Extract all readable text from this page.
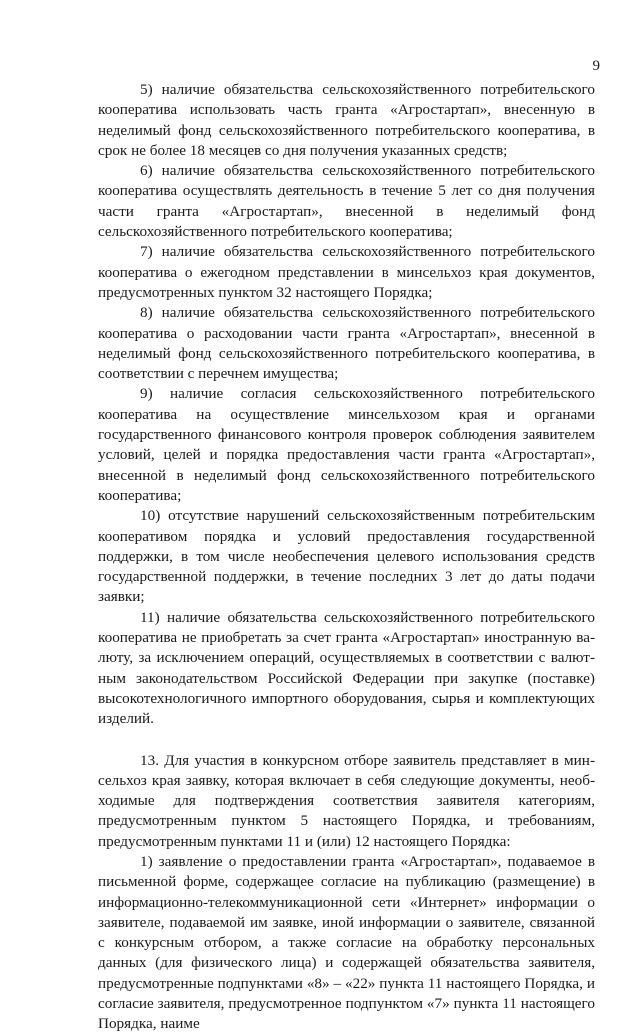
9

5) наличие обязательства сельскохозяйственного потребительского кооператива использовать часть гранта «Агростартап», внесенную в неделимый фонд сельскохозяйственного потребительского кооператива, в срок не более 18 месяцев со дня получения указанных средств;

6) наличие обязательства сельскохозяйственного потребительского кооператива осуществлять деятельность в течение 5 лет со дня получения части гранта «Агростартап», внесенной в неделимый фонд сельскохозяйственного потребительского кооператива;

7) наличие обязательства сельскохозяйственного потребительского кооператива о ежегодном представлении в минсельхоз края документов, предусмотренных пунктом 32 настоящего Порядка;

8) наличие обязательства сельскохозяйственного потребительского кооператива о расходовании части гранта «Агростартап», внесенной в неделимый фонд сельскохозяйственного потребительского кооператива, в соответствии с перечнем имущества;

9) наличие согласия сельскохозяйственного потребительского кооператива на осуществление минсельхозом края и органами государственного финансового контроля проверок соблюдения заявителем условий, целей и порядка предоставления части гранта «Агростартап», внесенной в неделимый фонд сельскохозяйственного потребительского кооператива;

10) отсутствие нарушений сельскохозяйственным потребительским кооперативом порядка и условий предоставления государственной поддержки, в том числе необеспечения целевого использования средств государственной поддержки, в течение последних 3 лет до даты подачи заявки;

11) наличие обязательства сельскохозяйственного потребительского кооператива не приобретать за счет гранта «Агростартап» иностранную валюту, за исключением операций, осуществляемых в соответствии с валютным законодательством Российской Федерации при закупке (поставке) высокотехнологичного импортного оборудования, сырья и комплектующих изделий.

13. Для участия в конкурсном отборе заявитель представляет в минсельхоз края заявку, которая включает в себя следующие документы, необходимые для подтверждения соответствия заявителя категориям, предусмотренным пунктом 5 настоящего Порядка, и требованиям, предусмотренным пунктами 11 и (или) 12 настоящего Порядка:

1) заявление о предоставлении гранта «Агростартап», подаваемое в письменной форме, содержащее согласие на публикацию (размещение) в информационно-телекоммуникационной сети «Интернет» информации о заявителе, подаваемой им заявке, иной информации о заявителе, связанной с конкурсным отбором, а также согласие на обработку персональных данных (для физического лица) и содержащей обязательства заявителя, предусмотренные подпунктами «8» – «22» пункта 11 настоящего Порядка, и согласие заявителя, предусмотренное подпунктом «7» пункта 11 настоящего Порядка, наиме
